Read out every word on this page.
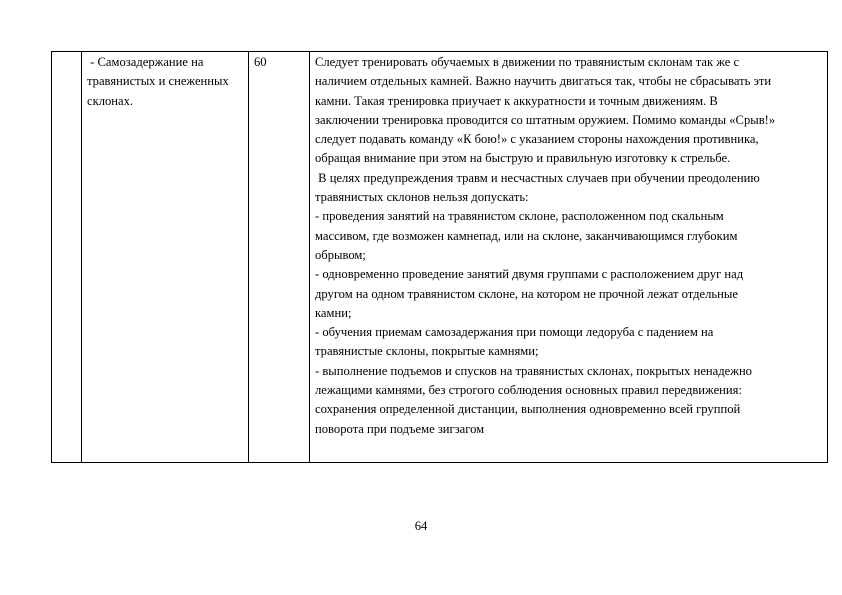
- Самозадержание на травянистых и снеженных склонах.
	60	Следует тренировать обучаемых в движении по травянистым склонам так же с
наличием отдельных камней. Важно научить двигаться так, чтобы не сбрасывать эти
камни. Такая тренировка приучает к аккуратности и точным движениям. В
заключении тренировка проводится со штатным оружием. Помимо команды «Срыв!»
следует подавать команду «К бою!» с указанием стороны нахождения противника,
обращая внимание при этом на быструю и правильную изготовку к стрельбе.
В целях предупреждения травм и несчастных случаев при обучении преодолению
травянистых склонов нельзя допускать:
- проведения занятий на травянистом склоне, расположенном под скальным
массивом, где возможен камнепад, или на склоне, заканчивающимся глубоким
обрывом;
- одновременно проведение занятий двумя группами с расположением друг над
другом на одном травянистом склоне, на котором не прочной лежат отдельные
камни;
- обучения приемам самозадержания при помощи ледоруба с падением на
травянистые склоны, покрытые камнями;
- выполнение подъемов и спусков на травянистых склонах, покрытых ненадежно
лежащими камнями, без строгого соблюдения основных правил передвижения:
сохранения определенной дистанции, выполнения одновременно всей группой
поворота при подъеме зигзагом
64
